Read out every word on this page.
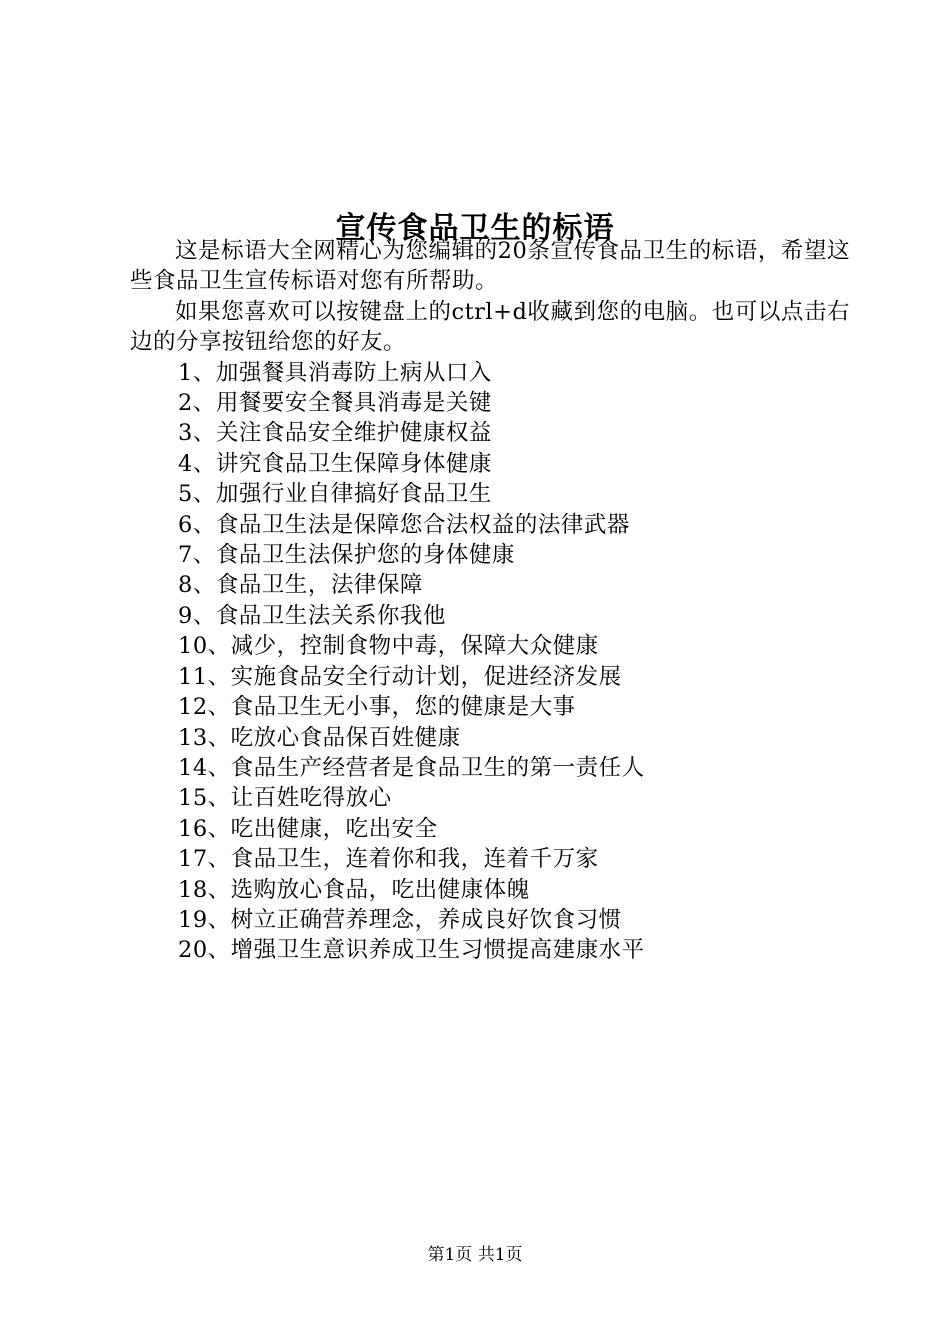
宣传食品卫生的标语

这是标语大全网精心为您编辑的20条宣传食品卫生的标语，希望这些食品卫生宣传标语对您有所帮助。

如果您喜欢可以按键盘上的ctrl+d收藏到您的电脑。也可以点击右边的分享按钮给您的好友。

1、加强餐具消毒防上病从口入
2、用餐要安全餐具消毒是关键
3、关注食品安全维护健康权益
4、讲究食品卫生保障身体健康
5、加强行业自律搞好食品卫生
6、食品卫生法是保障您合法权益的法律武器
7、食品卫生法保护您的身体健康
8、食品卫生，法律保障
9、食品卫生法关系你我他
10、减少，控制食物中毒，保障大众健康
11、实施食品安全行动计划，促进经济发展
12、食品卫生无小事，您的健康是大事
13、吃放心食品保百姓健康
14、食品生产经营者是食品卫生的第一责任人
15、让百姓吃得放心
16、吃出健康，吃出安全
17、食品卫生，连着你和我，连着千万家
18、选购放心食品，吃出健康体魄
19、树立正确营养理念，养成良好饮食习惯
20、增强卫生意识养成卫生习惯提高建康水平
第1页 共1页
